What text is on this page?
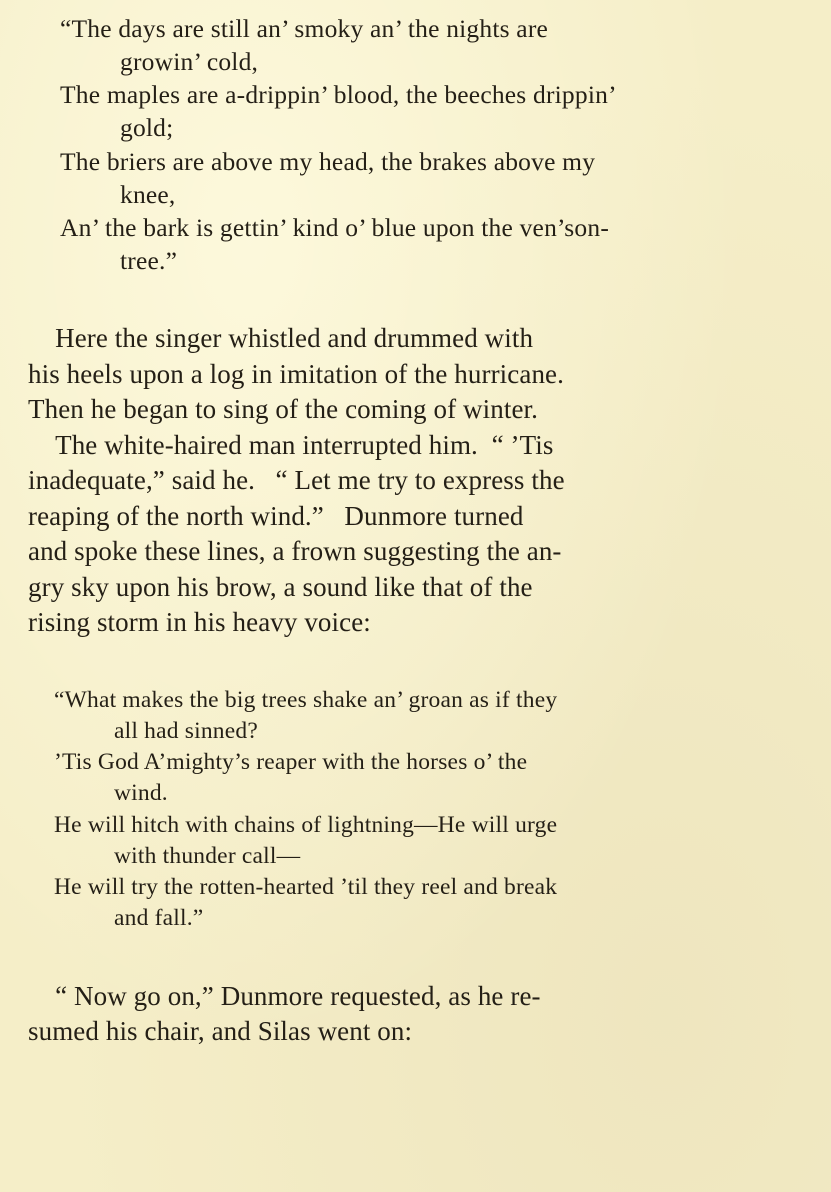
“The days are still an’ smoky an’ the nights are
growin’ cold,
The maples are a-drippin’ blood, the beeches drippin’
gold;
The briers are above my head, the brakes above my
knee,
An’ the bark is gettin’ kind o’ blue upon the ven’son-
tree.”

 Here the singer whistled and drummed with
his heels upon a log in imitation of the hurricane.
Then he began to sing of the coming of winter.

 The white-haired man interrupted him.  “ ’Tis
inadequate,” said he.   “ Let me try to express the
reaping of the north wind.”   Dunmore turned
and spoke these lines, a frown suggesting the an-
gry sky upon his brow, a sound like that of the
rising storm in his heavy voice:

“What makes the big trees shake an’ groan as if they
all had sinned?
’Tis God A’mighty’s reaper with the horses o’ the
wind.
He will hitch with chains of lightning—He will urge
with thunder call—
He will try the rotten-hearted ’til they reel and break
and fall.”

 “ Now go on,” Dunmore requested, as he re-
sumed his chair, and Silas went on:
